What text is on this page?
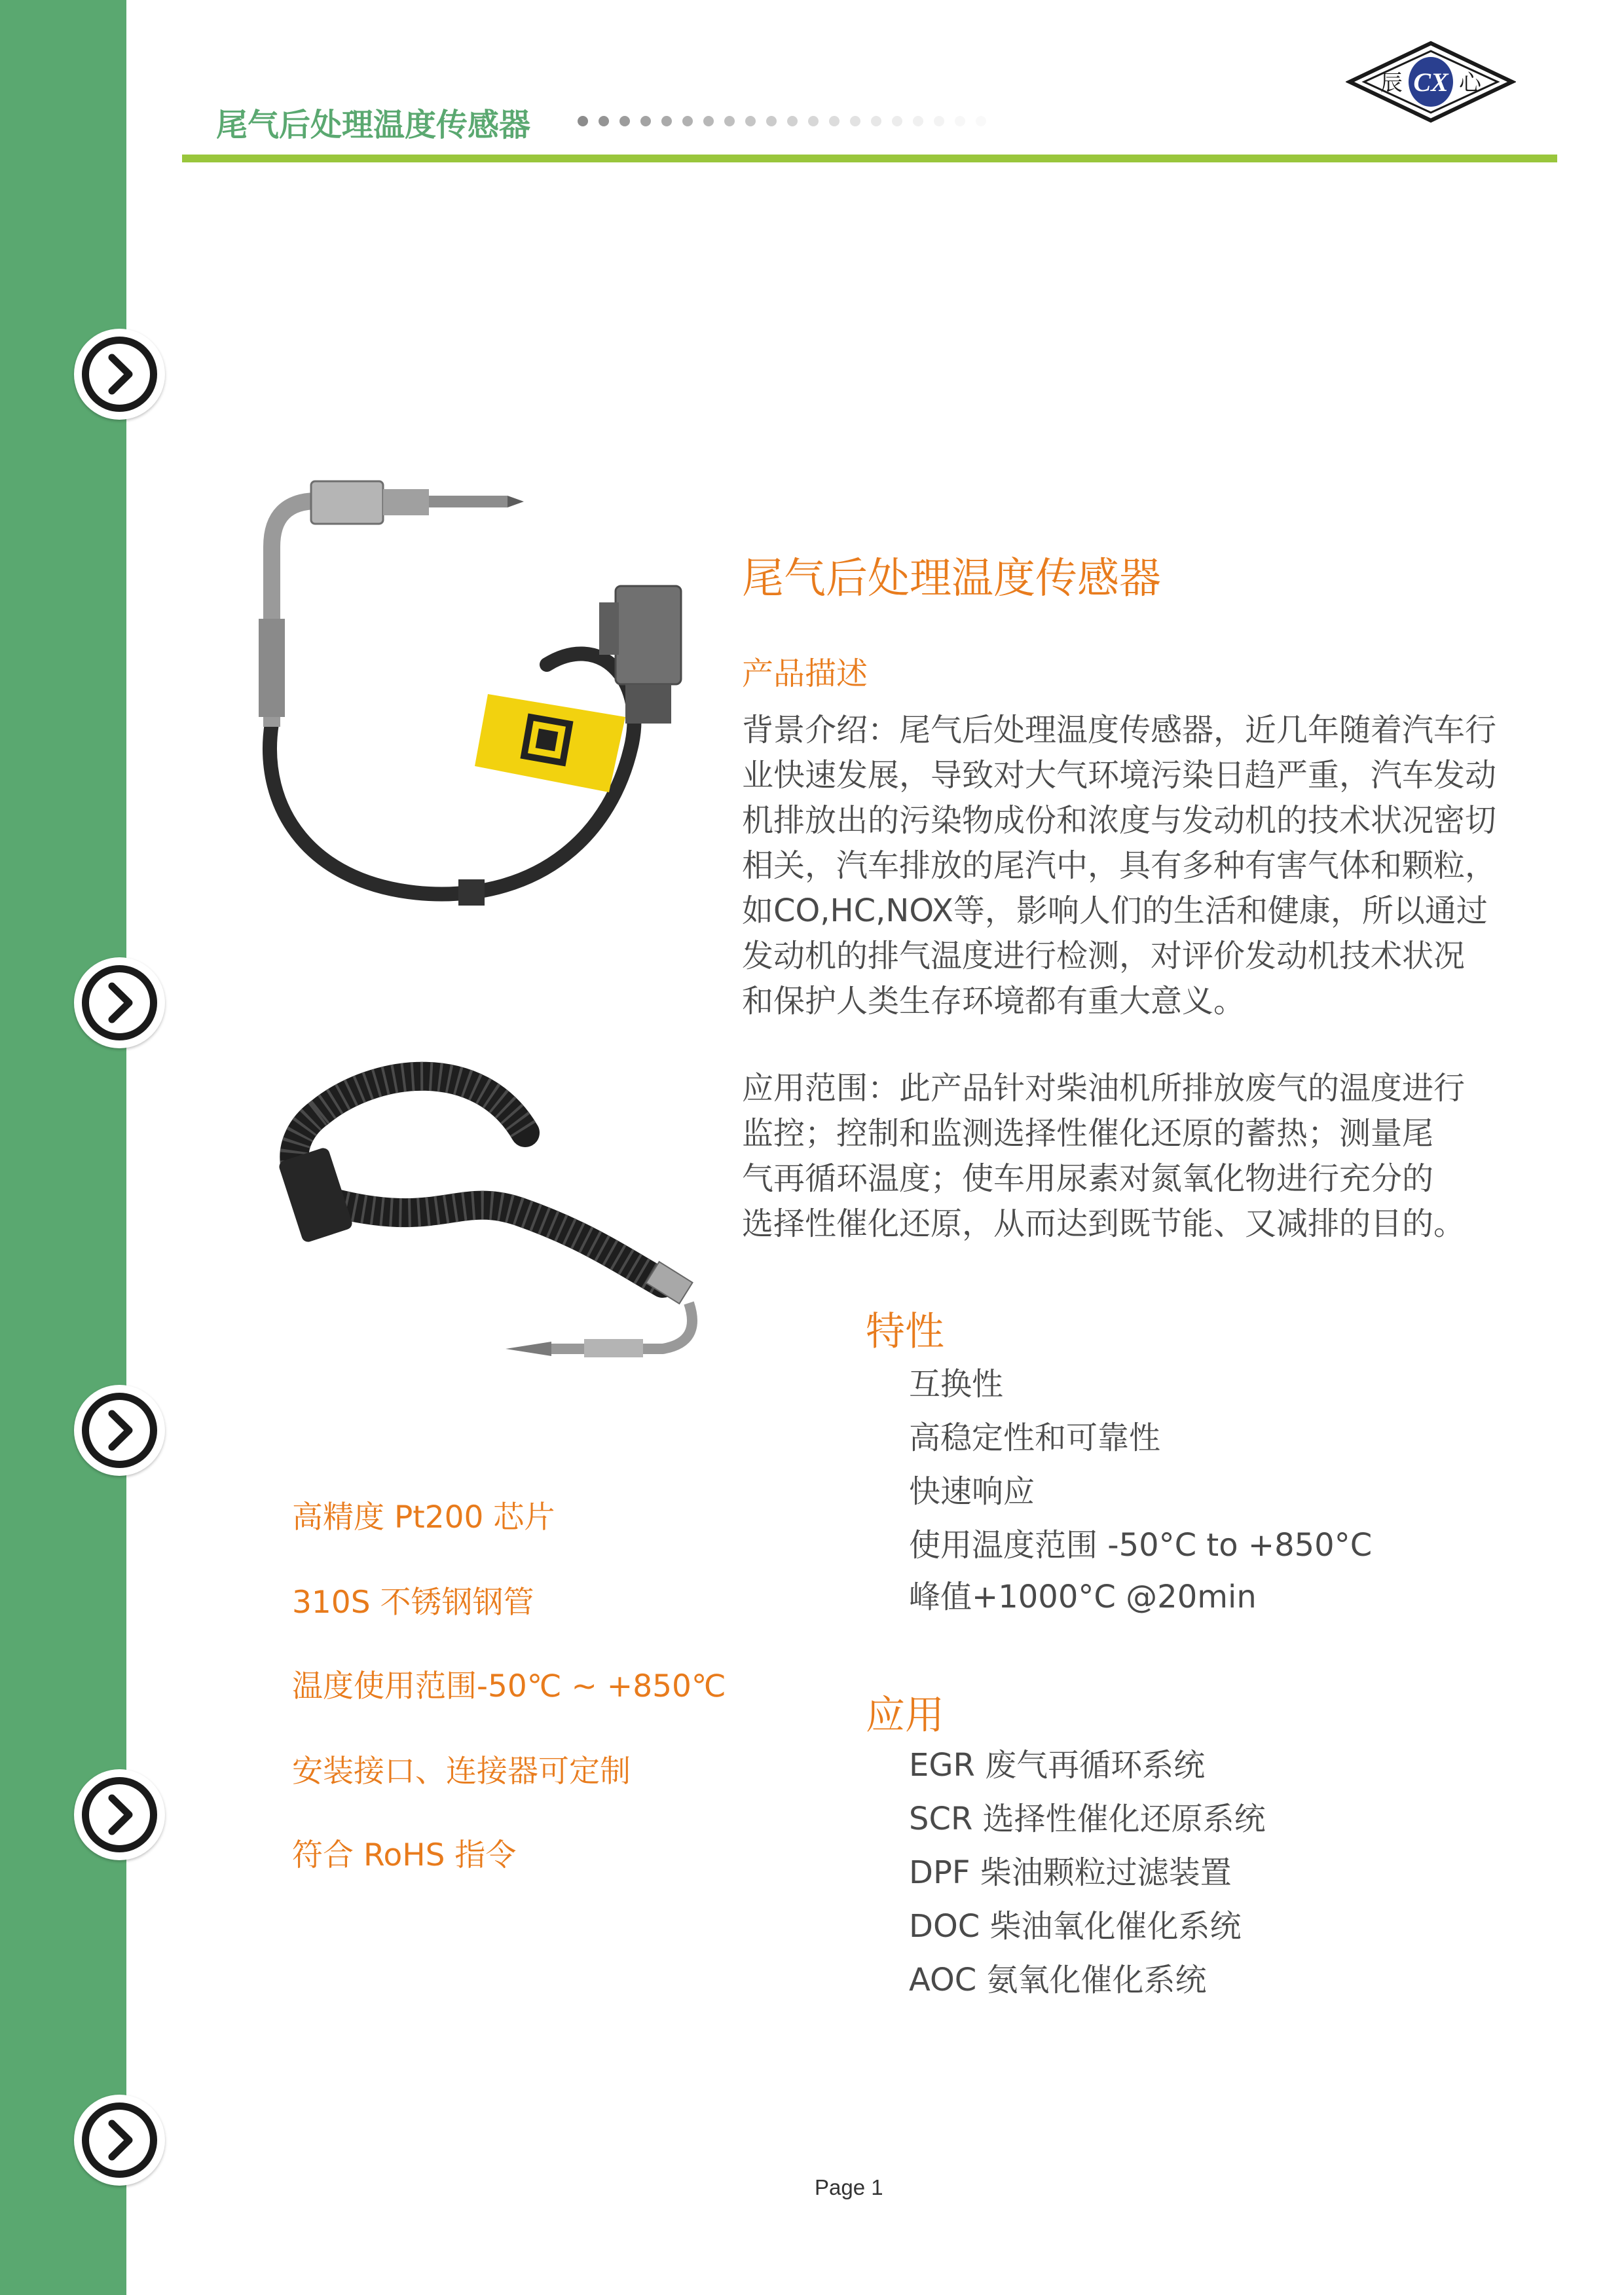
尾气后处理温度传感器
CX
辰	心
尾气后处理温度传感器
产品描述
背景介绍：尾气后处理温度传感器，近几年随着汽车行
业快速发展，导致对大气环境污染日趋严重，汽车发动
机排放出的污染物成份和浓度与发动机的技术状况密切
相关，汽车排放的尾汽中，具有多种有害气体和颗粒，
如CO,HC,NOX等，影响人们的生活和健康，所以通过
发动机的排气温度进行检测，对评价发动机技术状况
和保护人类生存环境都有重大意义。
应用范围：此产品针对柴油机所排放废气的温度进行
监控；控制和监测选择性催化还原的蓄热；测量尾
气再循环温度；使车用尿素对氮氧化物进行充分的
选择性催化还原，从而达到既节能、又减排的目的。
特性
互换性
高稳定性和可靠性
快速响应
使用温度范围 -50°C to +850°C
峰值+1000°C @20min
应用
EGR 废气再循环系统
SCR 选择性催化还原系统
DPF 柴油颗粒过滤装置
DOC 柴油氧化催化系统
AOC 氨氧化催化系统
高精度 Pt200 芯片
310S 不锈钢钢管
温度使用范围-50℃ ~ +850℃
安装接口、连接器可定制
符合 RoHS 指令
Page 1
